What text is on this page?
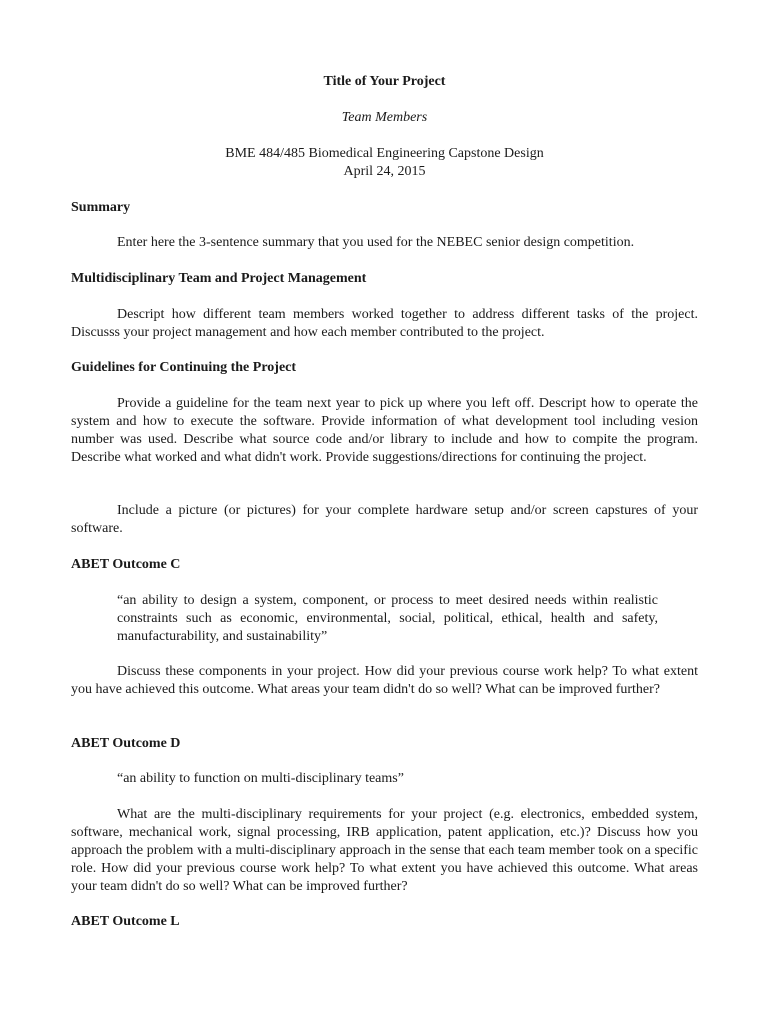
Title of Your Project
Team Members
BME 484/485 Biomedical Engineering Capstone Design
April 24, 2015
Summary

Enter here the 3-sentence summary that you used for the NEBEC senior design competition.

Multidisciplinary Team and Project Management

Descript how different team members worked together to address different tasks of the project. Discusss your project management and how each member contributed to the project.

Guidelines for Continuing the Project

Provide a guideline for the team next year to pick up where you left off. Descript how to operate the system and how to execute the software. Provide information of what development tool including vesion number was used. Describe what source code and/or library to include and how to compite the program. Describe what worked and what didn't work. Provide suggestions/directions for continuing the project.

Include a picture (or pictures) for your complete hardware setup and/or screen capstures of your software.

ABET Outcome C

“an ability to design a system, component, or process to meet desired needs within realistic constraints such as economic, environmental, social, political, ethical, health and safety, manufacturability, and sustainability”

Discuss these components in your project. How did your previous course work help? To what extent you have achieved this outcome. What areas your team didn't do so well? What can be improved further?

ABET Outcome D

“an ability to function on multi-disciplinary teams”

What are the multi-disciplinary requirements for your project (e.g. electronics, embedded system, software, mechanical work, signal processing, IRB application, patent application, etc.)? Discuss how you approach the problem with a multi-disciplinary approach in the sense that each team member took on a specific role. How did your previous course work help? To what extent you have achieved this outcome. What areas your team didn't do so well? What can be improved further?

ABET Outcome L
